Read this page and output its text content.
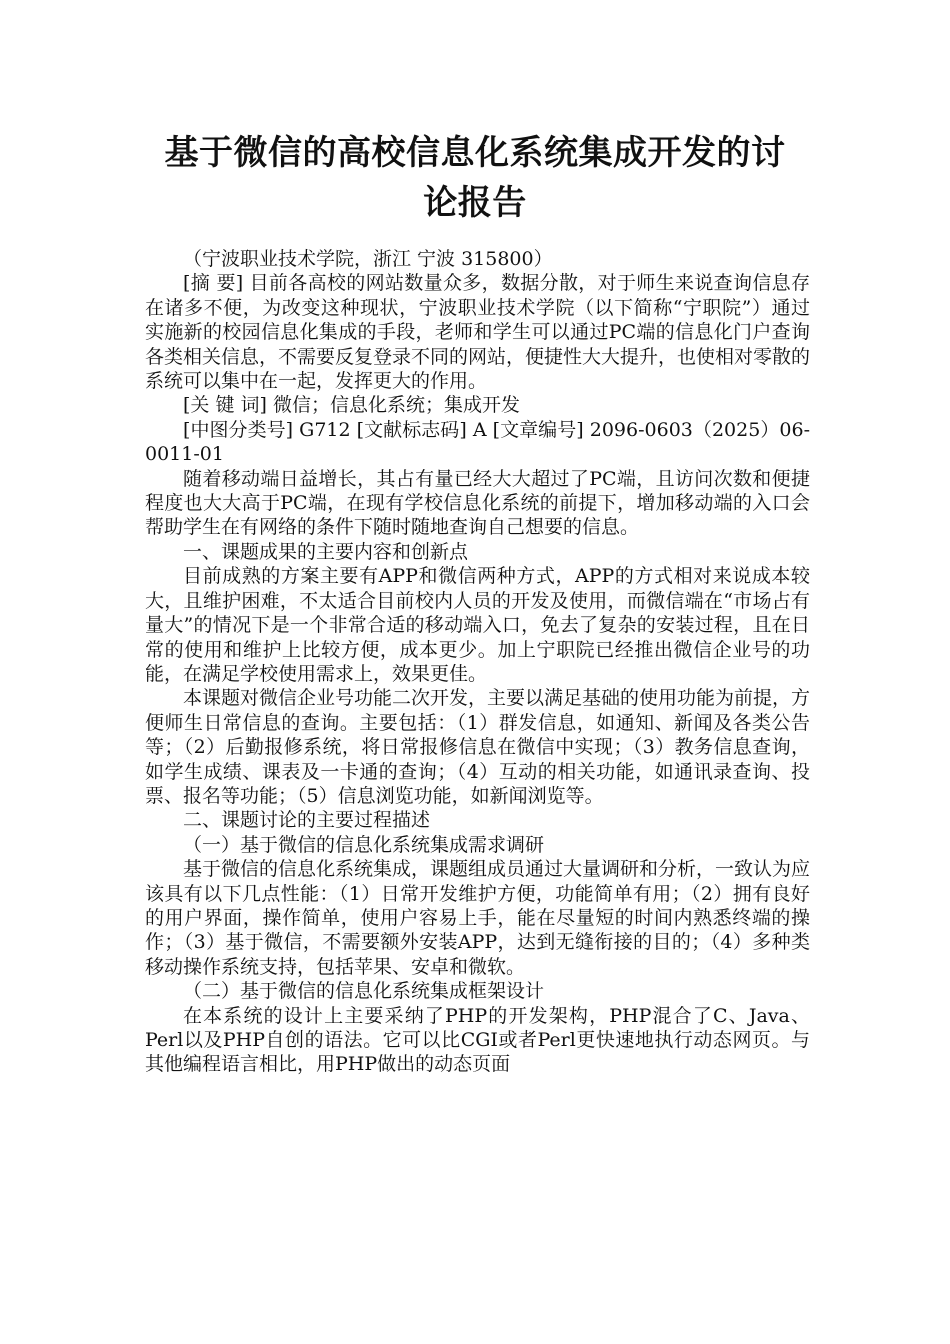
基于微信的高校信息化系统集成开发的讨
论报告

（宁波职业技术学院，浙江 宁波 315800）

[摘 要] 目前各高校的网站数量众多，数据分散，对于师生来说查询信息存在诸多不便，为改变这种现状，宁波职业技术学院（以下简称“宁职院”）通过实施新的校园信息化集成的手段，老师和学生可以通过PC端的信息化门户查询各类相关信息，不需要反复登录不同的网站，便捷性大大提升，也使相对零散的系统可以集中在一起，发挥更大的作用。

[关 键 词] 微信；信息化系统；集成开发

[中图分类号] G712 [文献标志码] A [文章编号] 2096-0603（2025）06-0011-01

随着移动端日益增长，其占有量已经大大超过了PC端，且访问次数和便捷程度也大大高于PC端，在现有学校信息化系统的前提下，增加移动端的入口会帮助学生在有网络的条件下随时随地查询自己想要的信息。

一、课题成果的主要内容和创新点

目前成熟的方案主要有APP和微信两种方式，APP的方式相对来说成本较大，且维护困难，不太适合目前校内人员的开发及使用，而微信端在“市场占有量大”的情况下是一个非常合适的移动端入口，免去了复杂的安装过程，且在日常的使用和维护上比较方便，成本更少。加上宁职院已经推出微信企业号的功能，在满足学校使用需求上，效果更佳。

本课题对微信企业号功能二次开发，主要以满足基础的使用功能为前提，方便师生日常信息的查询。主要包括：（1）群发信息，如通知、新闻及各类公告等；（2）后勤报修系统，将日常报修信息在微信中实现；（3）教务信息查询，如学生成绩、课表及一卡通的查询；（4）互动的相关功能，如通讯录查询、投票、报名等功能；（5）信息浏览功能，如新闻浏览等。

二、课题讨论的主要过程描述

（一）基于微信的信息化系统集成需求调研

基于微信的信息化系统集成，课题组成员通过大量调研和分析，一致认为应该具有以下几点性能：（1）日常开发维护方便，功能简单有用；（2）拥有良好的用户界面，操作简单，使用户容易上手，能在尽量短的时间内熟悉终端的操作；（3）基于微信，不需要额外安装APP，达到无缝衔接的目的；（4）多种类移动操作系统支持，包括苹果、安卓和微软。

（二）基于微信的信息化系统集成框架设计

在本系统的设计上主要采纳了PHP的开发架构，PHP混合了C、Java、Perl以及PHP自创的语法。它可以比CGI或者Perl更快速地执行动态网页。与其他编程语言相比，用PHP做出的动态页面
